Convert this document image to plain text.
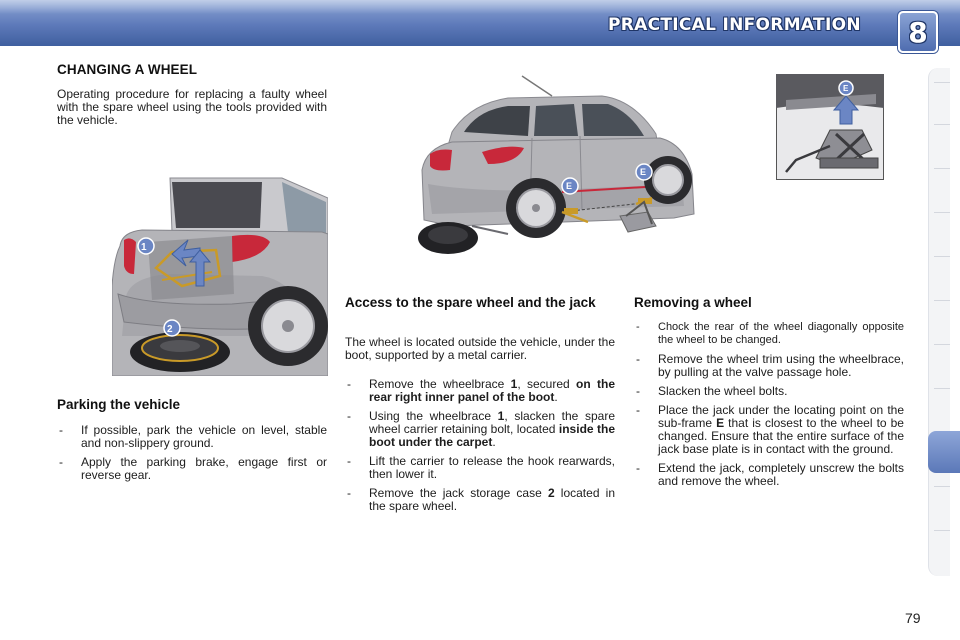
PRACTICAL INFORMATION 8
CHANGING A WHEEL
Operating procedure for replacing a faulty wheel with the spare wheel using the tools provided with the vehicle.
1
2
E
E
E
Parking the vehicle
- If possible, park the vehicle on level, stable and non-slippery ground.
- Apply the parking brake, engage first or reverse gear.
Access to the spare wheel and the jack
The wheel is located outside the vehicle, under the boot, supported by a metal carrier.
- Remove the wheelbrace 1, secured on the rear right inner panel of the boot.
- Using the wheelbrace 1, slacken the spare wheel carrier retaining bolt, located inside the boot under the carpet.
- Lift the carrier to release the hook rearwards, then lower it.
- Remove the jack storage case 2 located in the spare wheel.
Removing a wheel
- Chock the rear of the wheel diagonally opposite the wheel to be changed.
- Remove the wheel trim using the wheelbrace, by pulling at the valve passage hole.
- Slacken the wheel bolts.
- Place the jack under the locating point on the sub-frame E that is closest to the wheel to be changed. Ensure that the entire surface of the jack base plate is in contact with the ground.
- Extend the jack, completely unscrew the bolts and remove the wheel.
79
